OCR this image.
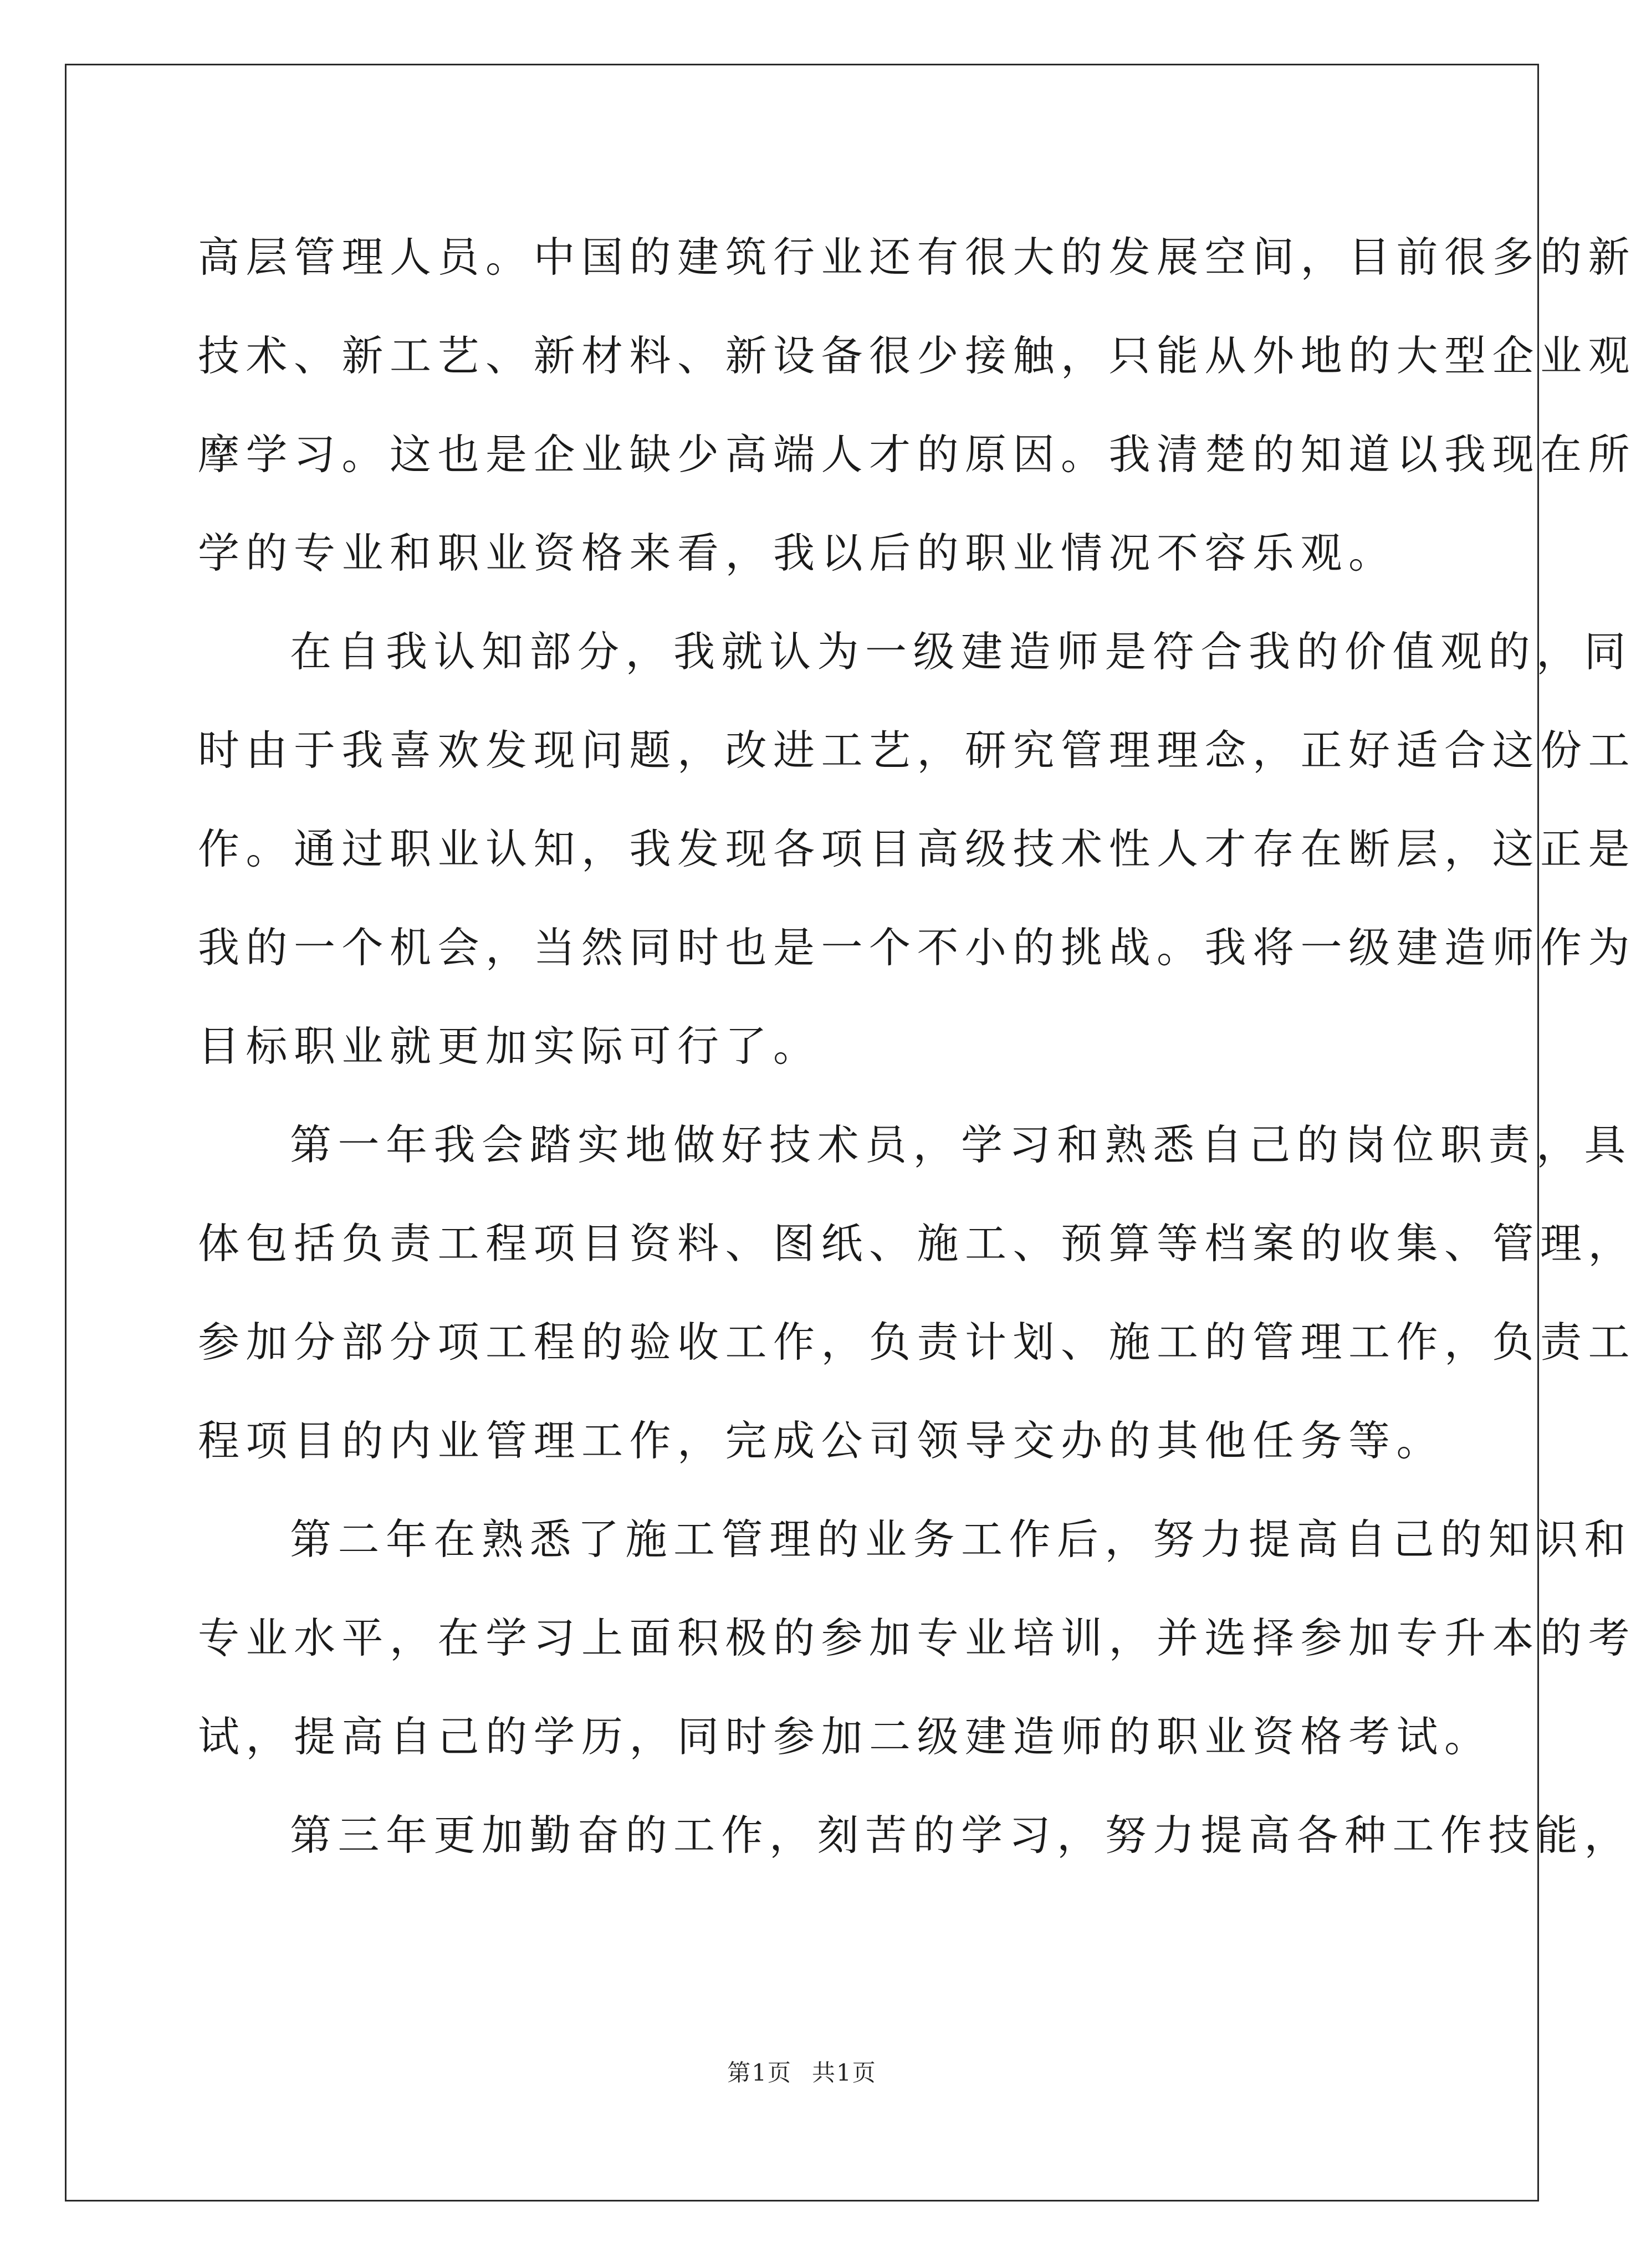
高层管理人员。中国的建筑行业还有很大的发展空间，目前很多的新
技术、新工艺、新材料、新设备很少接触，只能从外地的大型企业观
摩学习。这也是企业缺少高端人才的原因。我清楚的知道以我现在所
学的专业和职业资格来看，我以后的职业情况不容乐观。
在自我认知部分，我就认为一级建造师是符合我的价值观的，同
时由于我喜欢发现问题，改进工艺，研究管理理念，正好适合这份工
作。通过职业认知，我发现各项目高级技术性人才存在断层，这正是
我的一个机会，当然同时也是一个不小的挑战。我将一级建造师作为
目标职业就更加实际可行了。
第一年我会踏实地做好技术员，学习和熟悉自己的岗位职责，具
体包括负责工程项目资料、图纸、施工、预算等档案的收集、管理，
参加分部分项工程的验收工作，负责计划、施工的管理工作，负责工
程项目的内业管理工作，完成公司领导交办的其他任务等。
第二年在熟悉了施工管理的业务工作后，努力提高自己的知识和
专业水平，在学习上面积极的参加专业培训，并选择参加专升本的考
试，提高自己的学历，同时参加二级建造师的职业资格考试。
第三年更加勤奋的工作，刻苦的学习，努力提高各种工作技能，
第1页 共1页
